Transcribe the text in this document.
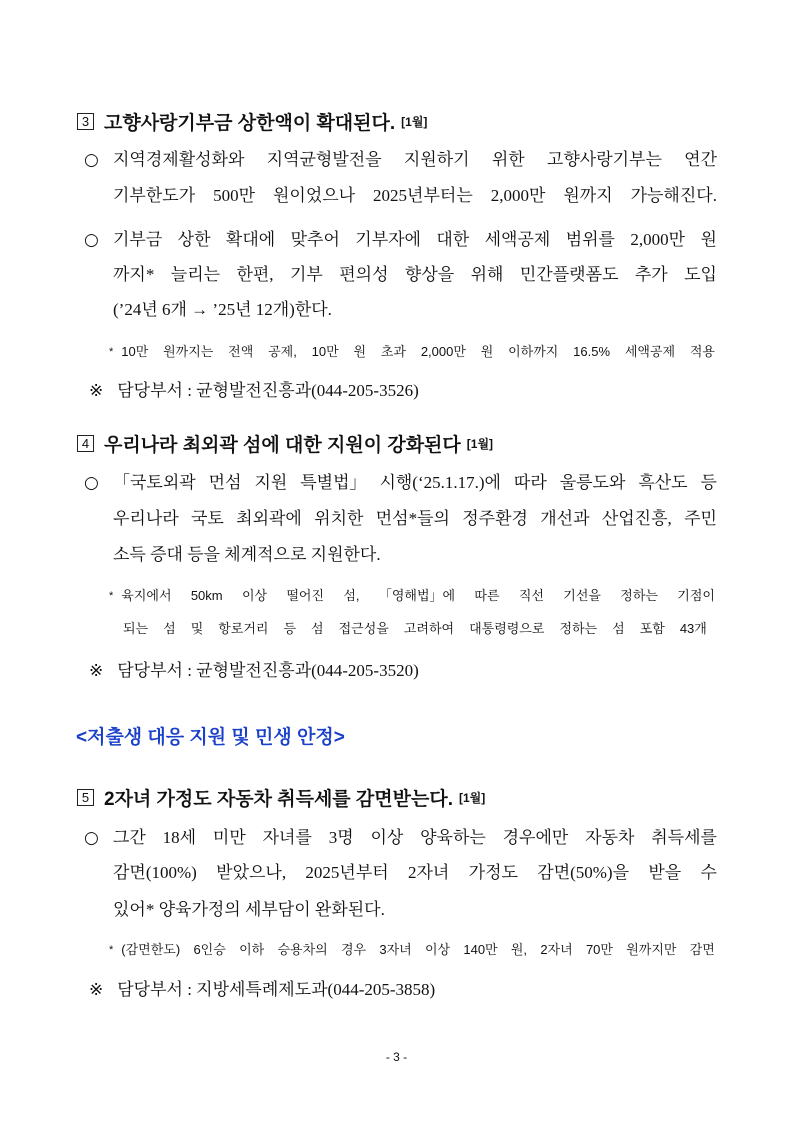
3 고향사랑기부금 상한액이 확대된다. [1월]
○ 지역경제활성화와 지역균형발전을 지원하기 위한 고향사랑기부는 연간
기부한도가 500만 원이었으나 2025년부터는 2,000만 원까지 가능해진다.
○ 기부금 상한 확대에 맞추어 기부자에 대한 세액공제 범위를 2,000만 원
까지* 늘리는 한편, 기부 편의성 향상을 위해 민간플랫폼도 추가 도입
(’24년 6개 → ’25년 12개)한다.
* 10만 원까지는 전액 공제, 10만 원 초과 2,000만 원 이하까지 16.5% 세액공제 적용
※ 담당부서 : 균형발전진흥과(044-205-3526)
4 우리나라 최외곽 섬에 대한 지원이 강화된다 [1월]
○ 「국토외곽 먼섬 지원 특별법」 시행(‘25.1.17.)에 따라 울릉도와 흑산도 등
우리나라 국토 최외곽에 위치한 먼섬*들의 정주환경 개선과 산업진흥, 주민
소득 증대 등을 체계적으로 지원한다.
* 육지에서 50km 이상 떨어진 섬, 「영해법」에 따른 직선 기선을 정하는 기점이
되는 섬 및 항로거리 등 섬 접근성을 고려하여 대통령령으로 정하는 섬 포함 43개
※ 담당부서 : 균형발전진흥과(044-205-3520)
<저출생 대응 지원 및 민생 안정>
5 2자녀 가정도 자동차 취득세를 감면받는다. [1월]
○ 그간 18세 미만 자녀를 3명 이상 양육하는 경우에만 자동차 취득세를
감면(100%) 받았으나, 2025년부터 2자녀 가정도 감면(50%)을 받을 수
있어* 양육가정의 세부담이 완화된다.
* (감면한도) 6인승 이하 승용차의 경우 3자녀 이상 140만 원, 2자녀 70만 원까지만 감면
※ 담당부서 : 지방세특례제도과(044-205-3858)
- 3 -
